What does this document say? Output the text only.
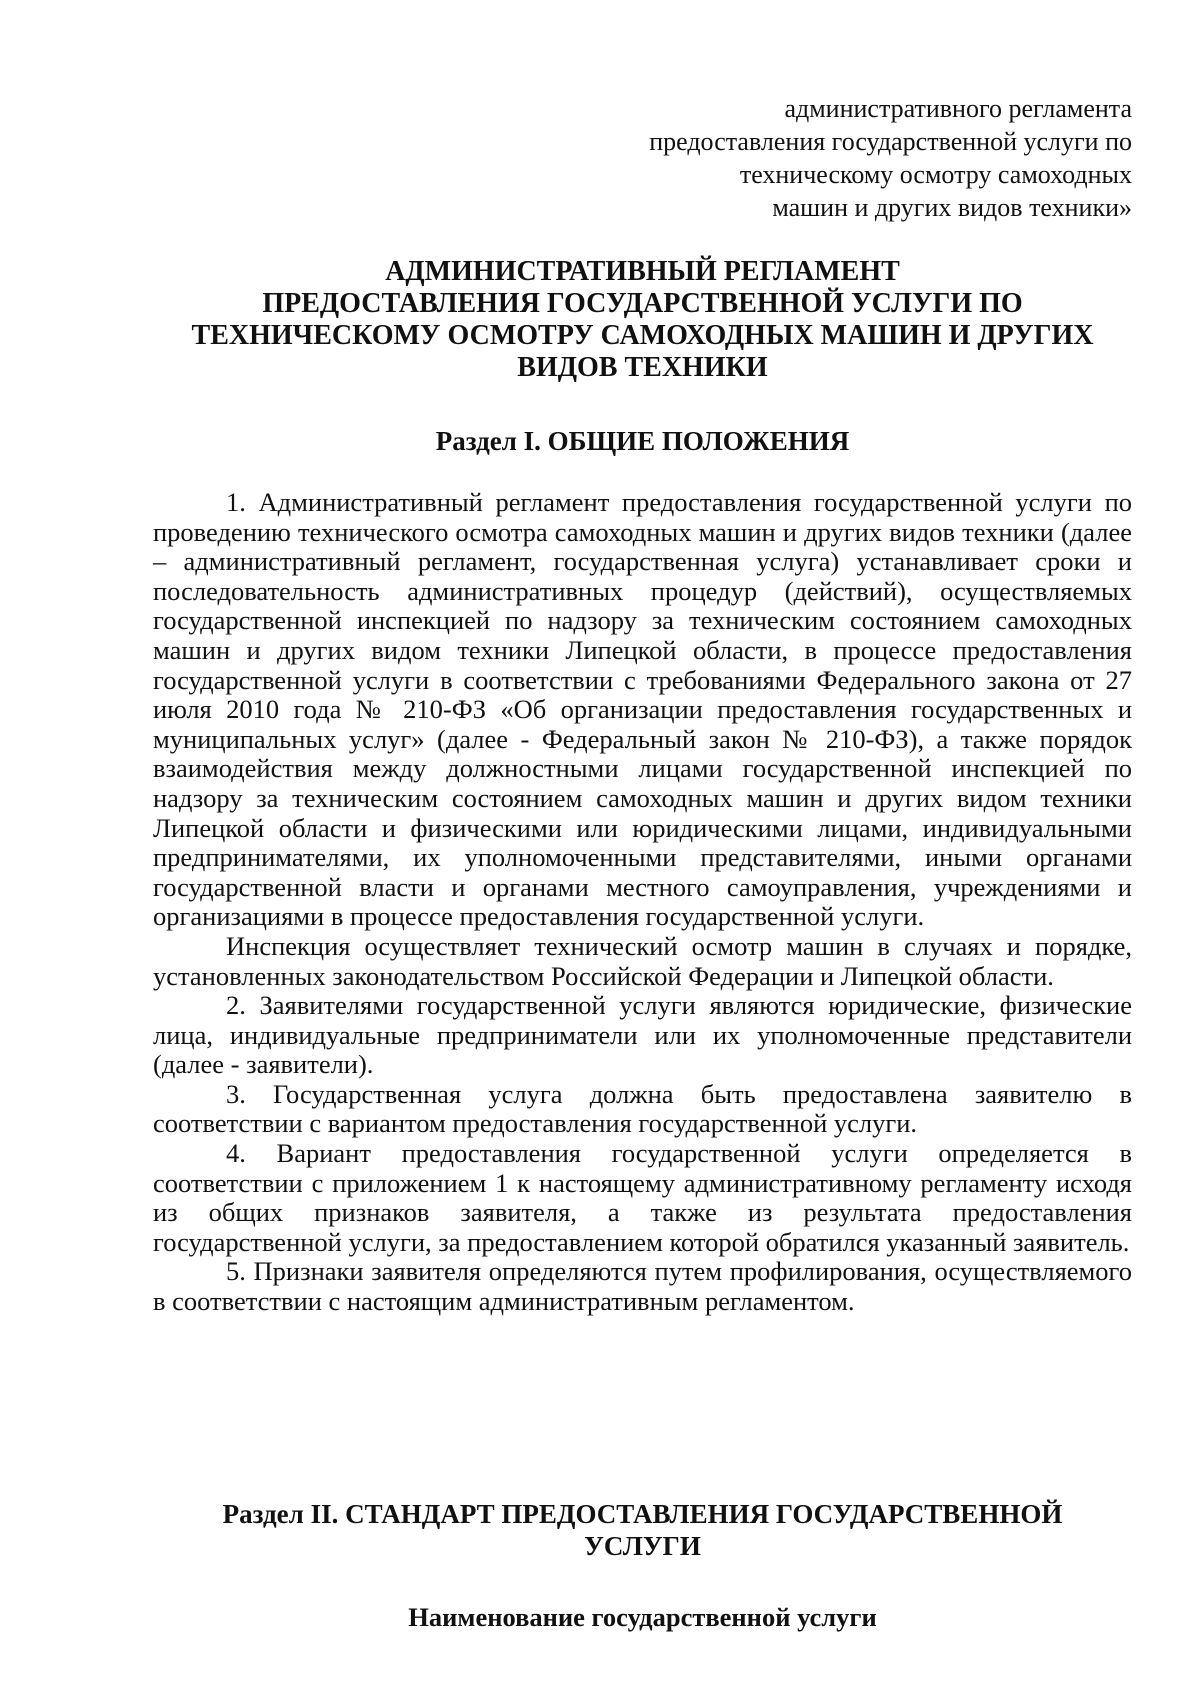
административного регламента
предоставления государственной услуги по
техническому осмотру самоходных
машин и других видов техники»
АДМИНИСТРАТИВНЫЙ РЕГЛАМЕНТ
ПРЕДОСТАВЛЕНИЯ ГОСУДАРСТВЕННОЙ УСЛУГИ ПО
ТЕХНИЧЕСКОМУ ОСМОТРУ САМОХОДНЫХ МАШИН И ДРУГИХ
ВИДОВ ТЕХНИКИ
Раздел I. ОБЩИЕ ПОЛОЖЕНИЯ

1. Административный регламент предоставления государственной услуги по проведению технического осмотра самоходных машин и других видов техники (далее – административный регламент, государственная услуга) устанавливает сроки и последовательность административных процедур (действий), осуществляемых государственной инспекцией по надзору за техническим состоянием самоходных машин и других видом техники Липецкой области, в процессе предоставления государственной услуги в соответствии с требованиями Федерального закона от 27 июля 2010 года № 210-ФЗ «Об организации предоставления государственных и муниципальных услуг» (далее - Федеральный закон № 210-ФЗ), а также порядок взаимодействия между должностными лицами государственной инспекцией по надзору за техническим состоянием самоходных машин и других видом техники Липецкой области и физическими или юридическими лицами, индивидуальными предпринимателями, их уполномоченными представителями, иными органами государственной власти и органами местного самоуправления, учреждениями и организациями в процессе предоставления государственной услуги.

Инспекция осуществляет технический осмотр машин в случаях и порядке, установленных законодательством Российской Федерации и Липецкой области.

2. Заявителями государственной услуги являются юридические, физические лица, индивидуальные предприниматели или их уполномоченные представители (далее - заявители).

3. Государственная услуга должна быть предоставлена заявителю в соответствии с вариантом предоставления государственной услуги.

4. Вариант предоставления государственной услуги определяется в соответствии с приложением 1 к настоящему административному регламенту исходя из общих признаков заявителя, а также из результата предоставления государственной услуги, за предоставлением которой обратился указанный заявитель.

5. Признаки заявителя определяются путем профилирования, осуществляемого в соответствии с настоящим административным регламентом.

Раздел II. СТАНДАРТ ПРЕДОСТАВЛЕНИЯ ГОСУДАРСТВЕННОЙ
УСЛУГИ
Наименование государственной услуги
